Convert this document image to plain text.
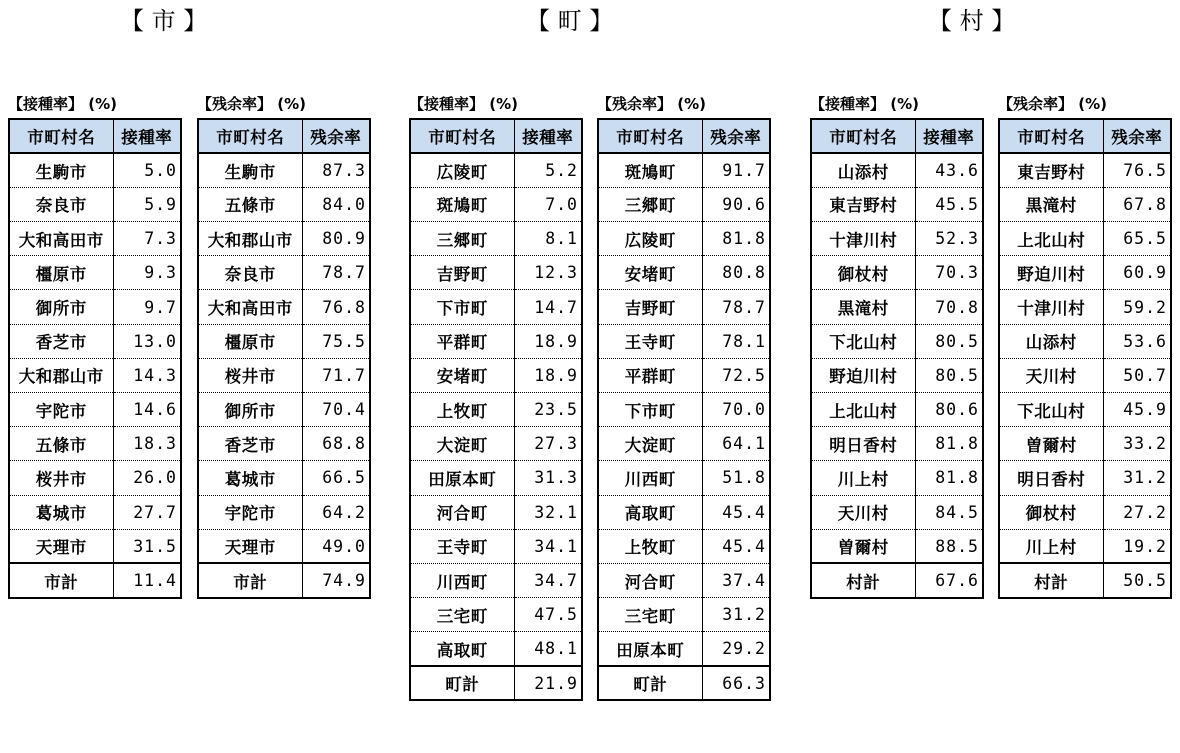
【 市 】	【 町 】	【 村 】
【接種率】 (%)
市町村名	接種率
生駒市	5.0
奈良市	5.9
大和高田市	7.3
橿原市	9.3
御所市	9.7
香芝市	13.0
大和郡山市	14.3
宇陀市	14.6
五條市	18.3
桜井市	26.0
葛城市	27.7
天理市	31.5
市計	11.4
【残余率】 (%)
市町村名	残余率
生駒市	87.3
五條市	84.0
大和郡山市	80.9
奈良市	78.7
大和高田市	76.8
橿原市	75.5
桜井市	71.7
御所市	70.4
香芝市	68.8
葛城市	66.5
宇陀市	64.2
天理市	49.0
市計	74.9
【接種率】 (%)
市町村名	接種率
広陵町	5.2
斑鳩町	7.0
三郷町	8.1
吉野町	12.3
下市町	14.7
平群町	18.9
安堵町	18.9
上牧町	23.5
大淀町	27.3
田原本町	31.3
河合町	32.1
王寺町	34.1
川西町	34.7
三宅町	47.5
高取町	48.1
町計	21.9
【残余率】 (%)
市町村名	残余率
斑鳩町	91.7
三郷町	90.6
広陵町	81.8
安堵町	80.8
吉野町	78.7
王寺町	78.1
平群町	72.5
下市町	70.0
大淀町	64.1
川西町	51.8
高取町	45.4
上牧町	45.4
河合町	37.4
三宅町	31.2
田原本町	29.2
町計	66.3
【接種率】 (%)
市町村名	接種率
山添村	43.6
東吉野村	45.5
十津川村	52.3
御杖村	70.3
黒滝村	70.8
下北山村	80.5
野迫川村	80.5
上北山村	80.6
明日香村	81.8
川上村	81.8
天川村	84.5
曽爾村	88.5
村計	67.6
【残余率】 (%)
市町村名	残余率
東吉野村	76.5
黒滝村	67.8
上北山村	65.5
野迫川村	60.9
十津川村	59.2
山添村	53.6
天川村	50.7
下北山村	45.9
曽爾村	33.2
明日香村	31.2
御杖村	27.2
川上村	19.2
村計	50.5
